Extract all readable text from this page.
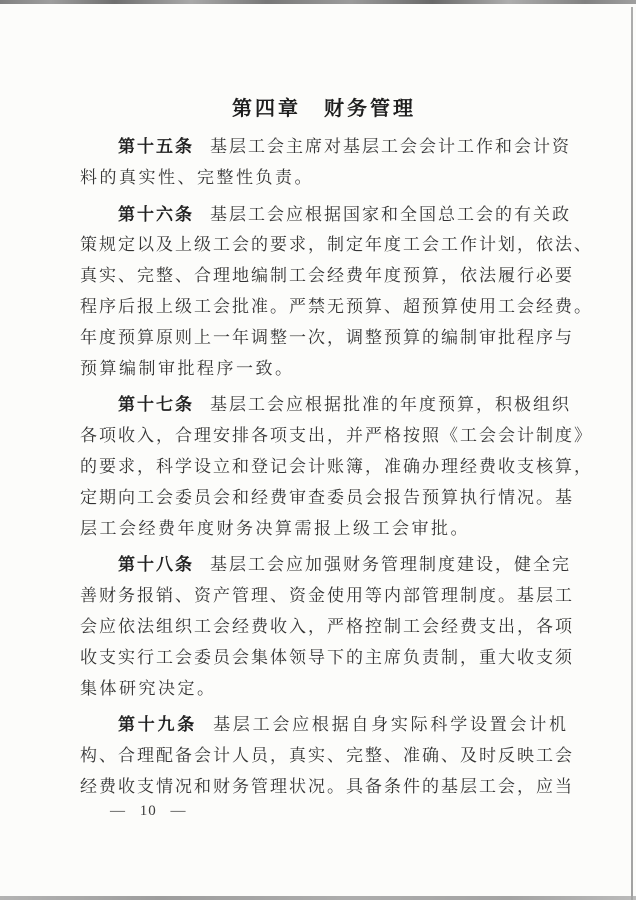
第四章　财务管理
第十五条 基层工会主席对基层工会会计工作和会计资
料的真实性、完整性负责。
第十六条 基层工会应根据国家和全国总工会的有关政
策规定以及上级工会的要求，制定年度工会工作计划，依法、
真实、完整、合理地编制工会经费年度预算，依法履行必要
程序后报上级工会批准。严禁无预算、超预算使用工会经费。
年度预算原则上一年调整一次，调整预算的编制审批程序与
预算编制审批程序一致。
第十七条 基层工会应根据批准的年度预算，积极组织
各项收入，合理安排各项支出，并严格按照《工会会计制度》
的要求，科学设立和登记会计账簿，准确办理经费收支核算，
定期向工会委员会和经费审查委员会报告预算执行情况。基
层工会经费年度财务决算需报上级工会审批。
第十八条 基层工会应加强财务管理制度建设，健全完
善财务报销、资产管理、资金使用等内部管理制度。基层工
会应依法组织工会经费收入，严格控制工会经费支出，各项
收支实行工会委员会集体领导下的主席负责制，重大收支须
集体研究决定。
第十九条 基层工会应根据自身实际科学设置会计机
构、合理配备会计人员，真实、完整、准确、及时反映工会
经费收支情况和财务管理状况。具备条件的基层工会，应当
— 10 —
